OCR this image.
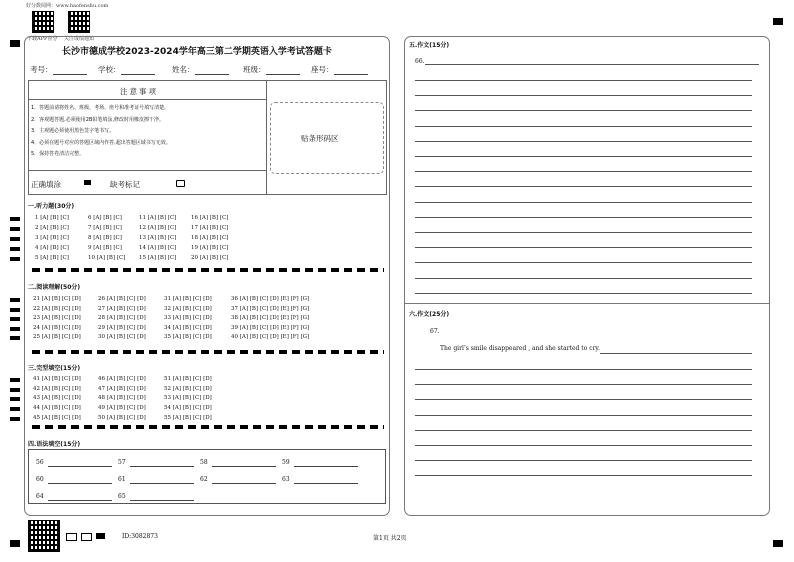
好分数阅网：www.haofenshu.com
下载APP查分 关注成绩通知
长沙市德成学校2023-2024学年高三第二学期英语入学考试答题卡
考号：	学校：	姓名：	班级：	座号：
注意事项
1．答题前请将姓名、班级、考场、座号和准考证号填写清楚。
2．客观题答题,必须使用2B铅笔填涂,修改时用橡皮擦干净。
3．主观题必须使用黑色签字笔书写。
4．必须在题号对应的答题区域内作答,超出答题区域书写无效。
5．保持答卷清洁完整。
贴条形码区
正确填涂	缺考标记
一.听力题(30分)
1 [A] [B] [C]	6 [A] [B] [C]	11 [A] [B] [C]	16 [A] [B] [C]
2 [A] [B] [C]	7 [A] [B] [C]	12 [A] [B] [C]	17 [A] [B] [C]
3 [A] [B] [C]	8 [A] [B] [C]	13 [A] [B] [C]	18 [A] [B] [C]
4 [A] [B] [C]	9 [A] [B] [C]	14 [A] [B] [C]	19 [A] [B] [C]
5 [A] [B] [C]	10 [A] [B] [C] 15 [A] [B] [C]	20 [A] [B] [C]
二.阅读理解(50分)
21 [A] [B] [C] [D]	26 [A] [B] [C] [D]	31 [A] [B] [C] [D]	36 [A] [B] [C] [D] [E] [F] [G]
22 [A] [B] [C] [D]	27 [A] [B] [C] [D]	32 [A] [B] [C] [D]	37 [A] [B] [C] [D] [E] [F] [G]
23 [A] [B] [C] [D]	28 [A] [B] [C] [D]	33 [A] [B] [C] [D]	38 [A] [B] [C] [D] [E] [F] [G]
24 [A] [B] [C] [D]	29 [A] [B] [C] [D]	34 [A] [B] [C] [D]	39 [A] [B] [C] [D] [E] [F] [G]
25 [A] [B] [C] [D]	30 [A] [B] [C] [D]	35 [A] [B] [C] [D]	40 [A] [B] [C] [D] [E] [F] [G]
三.完型填空(15分)
41 [A] [B] [C] [D]	46 [A] [B] [C] [D]	51 [A] [B] [C] [D]
42 [A] [B] [C] [D]	47 [A] [B] [C] [D]	52 [A] [B] [C] [D]
43 [A] [B] [C] [D]	48 [A] [B] [C] [D]	53 [A] [B] [C] [D]
44 [A] [B] [C] [D]	49 [A] [B] [C] [D]	54 [A] [B] [C] [D]
45 [A] [B] [C] [D]	50 [A] [B] [C] [D]	55 [A] [B] [C] [D]
四.语法填空(15分)
56	57	58	59
60	61	62	63
64	65
五.作文(15分)
66.
六.作文(25分)
67.
The girl’s smile disappeared , and she started to cry.
ID:3082873	第1页 共2页
